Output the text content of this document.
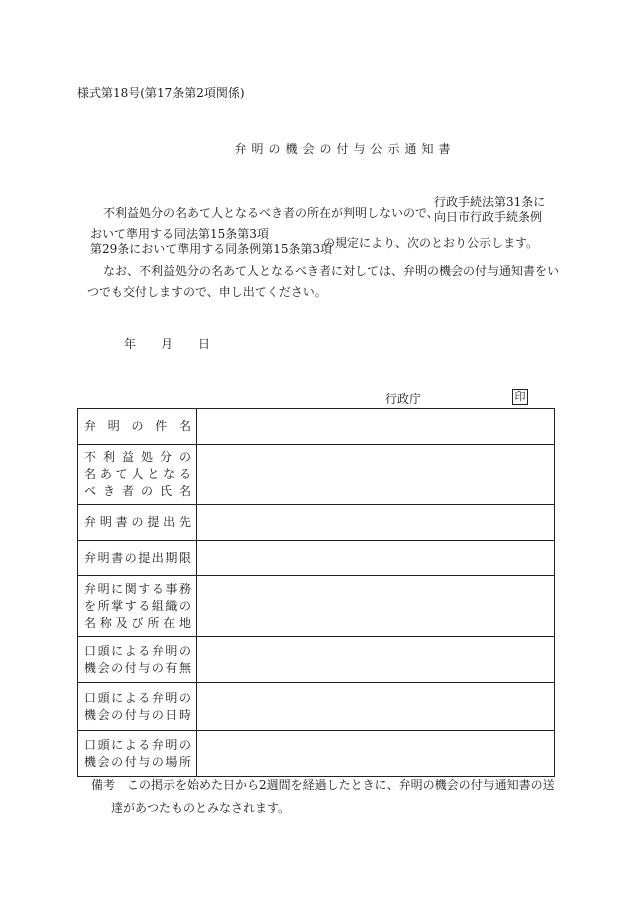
様式第18号(第17条第2項関係)
弁明の機会の付与公示通知書
不利益処分の名あて人となるべき者の所在が判明しないので、
行政手続法第31条に
向日市行政手続条例
おいて準用する同法第15条第3項
第29条において準用する同条例第15条第3項
の規定により、次のとおり公示します。
なお、不利益処分の名あて人となるべき者に対しては、弁明の機会の付与通知書をい
つでも交付しますので、申し出てください。
年 月 日
行政庁	印
弁 明 の 件 名	

不 利 益 処 分 の
名あて人となる
べ き 者 の 氏 名	

弁明書の提出先	

弁明書の提出期限	

弁明に関する事務
を所掌する組織の
名称及び所在地	

口頭による弁明の
機会の付与の有無	

口頭による弁明の
機会の付与の日時	

口頭による弁明の
機会の付与の場所	

備考　この掲示を始めた日から2週間を経過したときに、弁明の機会の付与通知書の送
達があつたものとみなされます。
